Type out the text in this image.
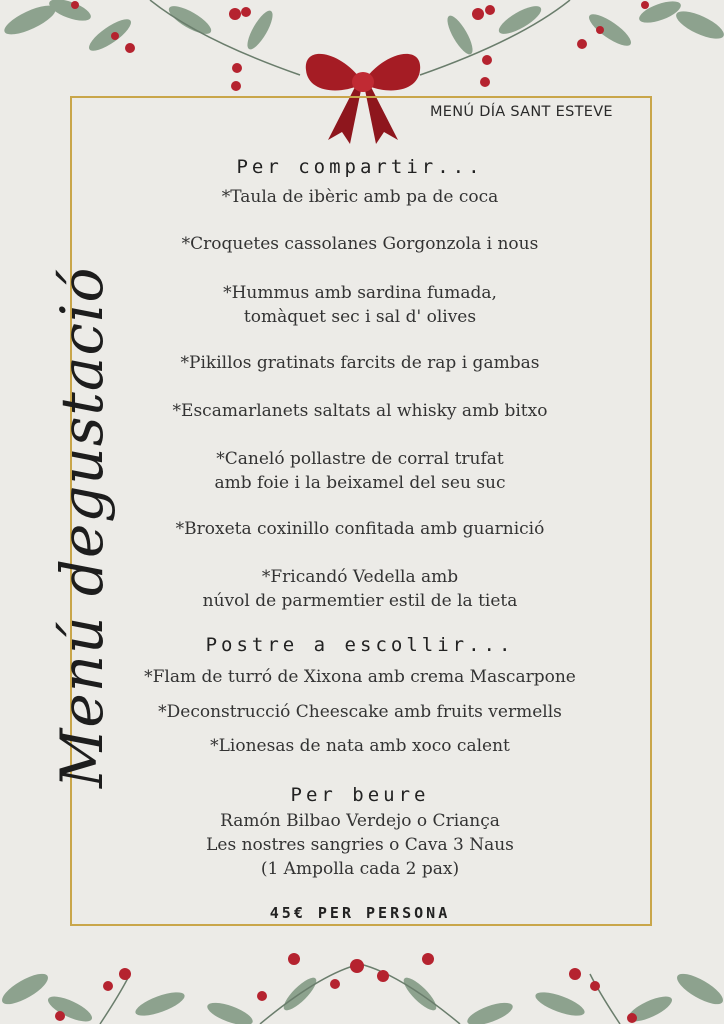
MENÚ DÍA SANT ESTEVE
Menú degustació
Per compartir...
*Taula de ibèric amb pa de coca
*Croquetes cassolanes Gorgonzola i nous
*Hummus amb sardina fumada,
tomàquet sec i sal d' olives
*Pikillos gratinats farcits de rap i gambas
*Escamarlanets saltats al whisky amb bitxo
*Caneló pollastre de corral trufat
amb foie i la beixamel del seu suc
*Broxeta coxinillo confitada amb guarnició
*Fricandó Vedella amb
núvol de parmemtier estil de la tieta
Postre a escollir...
*Flam de turró de Xixona amb crema Mascarpone
*Deconstrucció Cheescake amb fruits vermells
*Lionesas de nata amb xoco calent
Per beure
Ramón Bilbao Verdejo o Criança
Les nostres sangries o Cava 3 Naus
(1 Ampolla cada 2 pax)
45€ PER PERSONA
